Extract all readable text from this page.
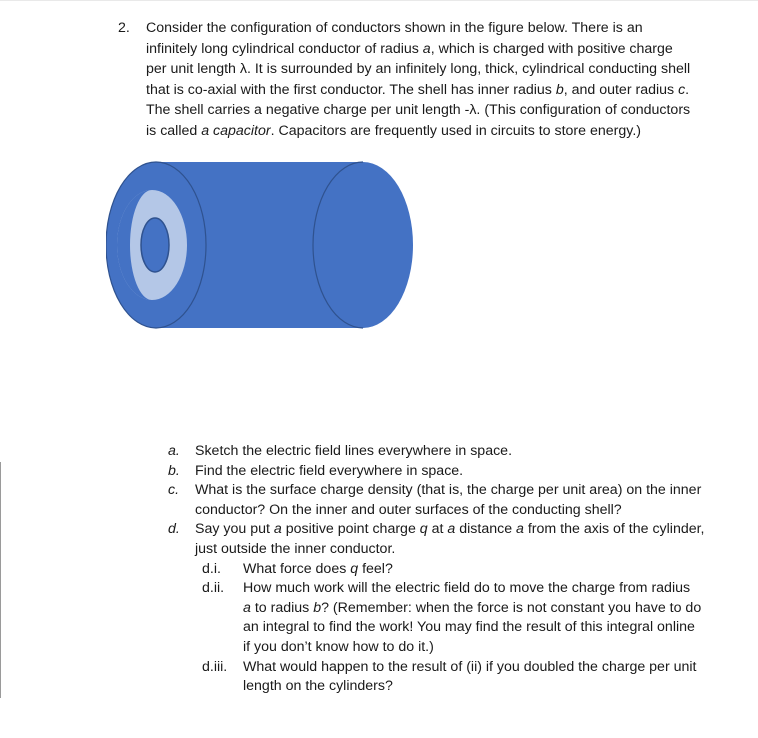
2. Consider the configuration of conductors shown in the figure below. There is an
infinitely long cylindrical conductor of radius a, which is charged with positive charge
per unit length λ. It is surrounded by an infinitely long, thick, cylindrical conducting shell
that is co-axial with the first conductor. The shell has inner radius b, and outer radius c.
The shell carries a negative charge per unit length -λ. (This configuration of conductors
is called a capacitor. Capacitors are frequently used in circuits to store energy.)
a. Sketch the electric field lines everywhere in space.
b. Find the electric field everywhere in space.
c. What is the surface charge density (that is, the charge per unit area) on the inner
conductor? On the inner and outer surfaces of the conducting shell?
d. Say you put a positive point charge q at a distance a from the axis of the cylinder,
just outside the inner conductor.
d.i. What force does q feel?
d.ii. How much work will the electric field do to move the charge from radius
a to radius b? (Remember: when the force is not constant you have to do
an integral to find the work! You may find the result of this integral online
if you don’t know how to do it.)
d.iii. What would happen to the result of (ii) if you doubled the charge per unit
length on the cylinders?
